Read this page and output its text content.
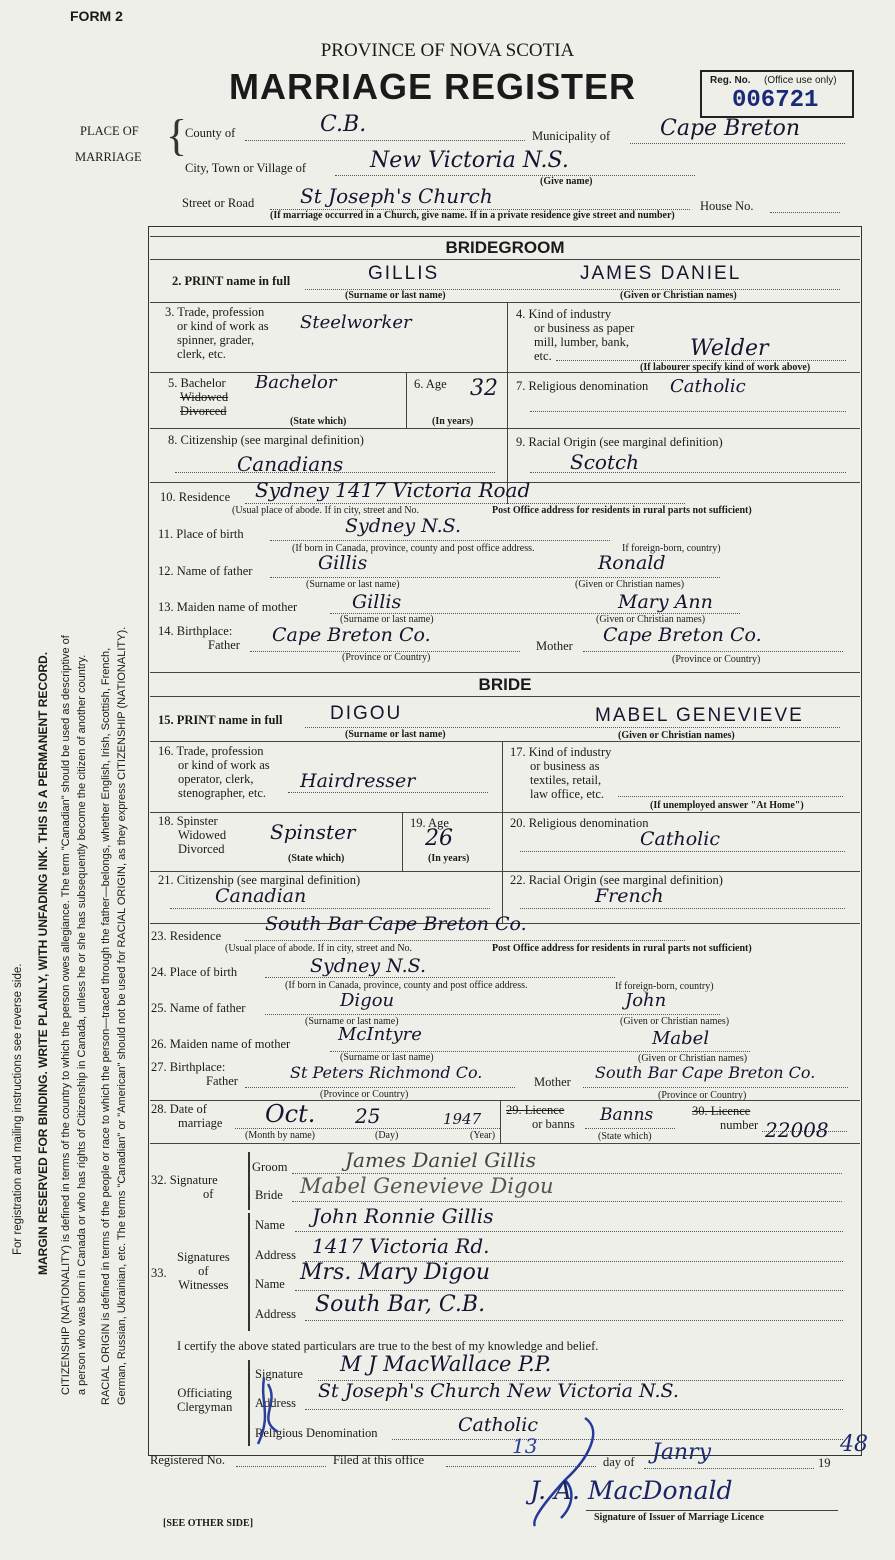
FORM 2
PROVINCE OF NOVA SCOTIA
MARRIAGE REGISTER	Reg. No. (Office use only)
006721
PLACE OF
MARRIAGE {
County of	C.B.	Municipality of Cape Breton
City, Town or Village of	New Victoria N.S.
(Give name)
Street or Road St Joseph's Church	House No.
(If marriage occurred in a Church, give name. If in a private residence give street and number)
BRIDEGROOM
2. PRINT name in full	GILLIS	JAMES DANIEL
(Surname or last name)	(Given or Christian names)
3. Trade, profession
or kind of work as
spinner, grader,
clerk, etc.
Steelworker	4. Kind of industry
or business as paper
mill, lumber, bank,
etc.	Welder
(If labourer specify kind of work above)
5. Bachelor
Widowed
Divorced
Bachelor
(State which)
6. Age 32
(In years)
7. Religious denomination Catholic
8. Citizenship (see marginal definition)
Canadians
9. Racial Origin (see marginal definition)
Scotch
10. Residence Sydney 1417 Victoria Road
(Usual place of abode. If in city, street and No.	Post Office address for residents in rural parts not sufficient)
11. Place of birth	Sydney N.S.
(If born in Canada, province, county and post office address.	If foreign-born, country)
12. Name of father	Gillis	Ronald
(Surname or last name)	(Given or Christian names)
13. Maiden name of mother	Gillis	Mary Ann
(Surname or last name)	(Given or Christian names)
14. Birthplace:
Father Cape Breton Co.	Mother Cape Breton Co.
(Province or Country)	(Province or Country)
BRIDE
15. PRINT name in full	DIGOU	MABEL GENEVIEVE
(Surname or last name)	(Given or Christian names)
16. Trade, profession
or kind of work as
operator, clerk,
stenographer, etc.
Hairdresser
17. Kind of industry
or business as
textiles, retail,
law office, etc.
(If unemployed answer "At Home")
18. Spinster
Widowed
Divorced
Spinster
(State which)
19. Age
26
(In years)
20. Religious denomination
Catholic
21. Citizenship (see marginal definition)
Canadian
22. Racial Origin (see marginal definition)
French
23. Residence
South Bar Cape Breton Co.
(Usual place of abode. If in city, street and No.	Post Office address for residents in rural parts not sufficient)
24. Place of birth	Sydney N.S.
(If born in Canada, province, county and post office address.	If foreign-born, country)
25. Name of father	Digou	John
(Surname or last name)	(Given or Christian names)
26. Maiden name of mother	McIntyre	Mabel
(Surname or last name)	(Given or Christian names)
27. Birthplace:
Father	St Peters Richmond Co.	Mother South Bar Cape Breton Co.
(Province or Country)	(Province or Country)
28. Date of
marriage Oct. 25	1947
(Month by name)	(Day)	(Year)
29. Licence
or banns Banns
(State which)
30. Licence
number 22008
32. Signature
of
Groom	James Daniel Gillis
Bride Mabel Genevieve Digou
33.
Signatures
of
Witnesses
Name John Ronnie Gillis
Address 1417 Victoria Rd.
Name Mrs. Mary Digou
Address South Bar, C.B.
I certify the above stated particulars are true to the best of my knowledge and belief.
Officiating
Clergyman
Signature M J MacWallace P.P.
Address
St Joseph's Church New Victoria N.S.
Religious Denomination	Catholic
Registered No.	Filed at this office
13
day of Janry	19
48
J. A. MacDonald
Signature of Issuer of Marriage Licence
[SEE OTHER SIDE]
For registration and mailing instructions see reverse side. MARGIN RESERVED FOR BINDING. WRITE PLAINLY, WITH UNFADING INK. THIS IS A PERMANENT RECORD. CITIZENSHIP (NATIONALITY) is defined in terms of the country to which the person owes allegiance. The term "Canadian" should be used as descriptive of a person who was born in Canada or who has rights of Citizenship in Canada, unless he or she has subsequently become the citizen of another country. RACIAL ORIGIN is defined in terms of the people or race to which the person—traced through the father—belongs, whether English, Irish, Scottish, French, German, Russian, Ukrainian, etc. The terms "Canadian" or "American" should not be used for RACIAL ORIGIN, as they express CITIZENSHIP (NATIONALITY).
